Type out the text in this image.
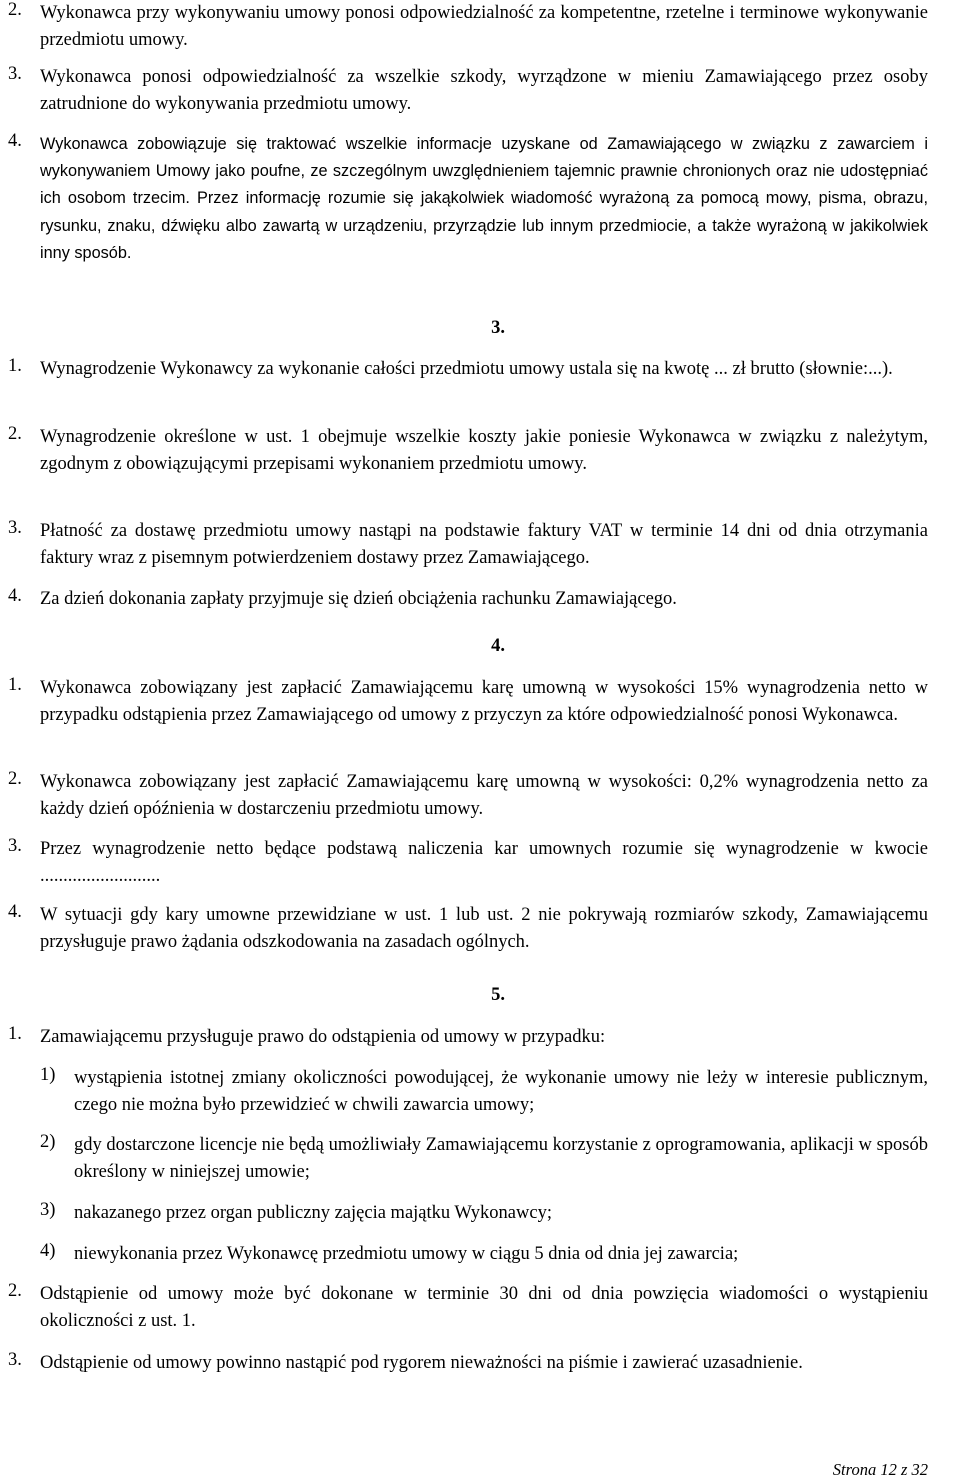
2. Wykonawca przy wykonywaniu umowy ponosi odpowiedzialność za kompetentne, rzetelne i terminowe wykonywanie przedmiotu umowy.
3. Wykonawca ponosi odpowiedzialność za wszelkie szkody, wyrządzone w mieniu Zamawiającego przez osoby zatrudnione do wykonywania przedmiotu umowy.
4. Wykonawca zobowiązuje się traktować wszelkie informacje uzyskane od Zamawiającego w związku z zawarciem i wykonywaniem Umowy jako poufne, ze szczególnym uwzględnieniem tajemnic prawnie chronionych oraz nie udostępniać ich osobom trzecim. Przez informację rozumie się jakąkolwiek wiadomość wyrażoną za pomocą mowy, pisma, obrazu, rysunku, znaku, dźwięku albo zawartą w urządzeniu, przyrządzie lub innym przedmiocie, a także wyrażoną w jakikolwiek inny sposób.
3.
1. Wynagrodzenie Wykonawcy za wykonanie całości przedmiotu umowy ustala się na kwotę ... zł brutto (słownie:...).
2. Wynagrodzenie określone w ust. 1 obejmuje wszelkie koszty jakie poniesie Wykonawca w związku z należytym, zgodnym z obowiązującymi przepisami wykonaniem przedmiotu umowy.
3. Płatność za dostawę przedmiotu umowy nastąpi na podstawie faktury VAT w terminie 14 dni od dnia otrzymania faktury wraz z pisemnym potwierdzeniem dostawy przez Zamawiającego.
4. Za dzień dokonania zapłaty przyjmuje się dzień obciążenia rachunku Zamawiającego.
4.
1. Wykonawca zobowiązany jest zapłacić Zamawiającemu karę umowną w wysokości 15% wynagrodzenia netto w przypadku odstąpienia przez Zamawiającego od umowy z przyczyn za które odpowiedzialność ponosi Wykonawca.
2. Wykonawca zobowiązany jest zapłacić Zamawiającemu karę umowną w wysokości: 0,2% wynagrodzenia netto za każdy dzień opóźnienia w dostarczeniu przedmiotu umowy.
3. Przez wynagrodzenie netto będące podstawą naliczenia kar umownych rozumie się wynagrodzenie w kwocie ..........................
4. W sytuacji gdy kary umowne przewidziane w ust. 1 lub ust. 2 nie pokrywają rozmiarów szkody, Zamawiającemu przysługuje prawo żądania odszkodowania na zasadach ogólnych.
5.
1. Zamawiającemu przysługuje prawo do odstąpienia od umowy w przypadku:
1) wystąpienia istotnej zmiany okoliczności powodującej, że wykonanie umowy nie leży w interesie publicznym, czego nie można było przewidzieć w chwili zawarcia umowy;
2) gdy dostarczone licencje nie będą umożliwiały Zamawiającemu korzystanie z oprogramowania, aplikacji w sposób określony w niniejszej umowie;
3) nakazanego przez organ publiczny zajęcia majątku Wykonawcy;
4) niewykonania przez Wykonawcę przedmiotu umowy w ciągu 5 dnia od dnia jej zawarcia;
2. Odstąpienie od umowy może być dokonane w terminie 30 dni od dnia powzięcia wiadomości o wystąpieniu okoliczności z ust. 1.
3. Odstąpienie od umowy powinno nastąpić pod rygorem nieważności na piśmie i zawierać uzasadnienie.
Strona 12 z 32
